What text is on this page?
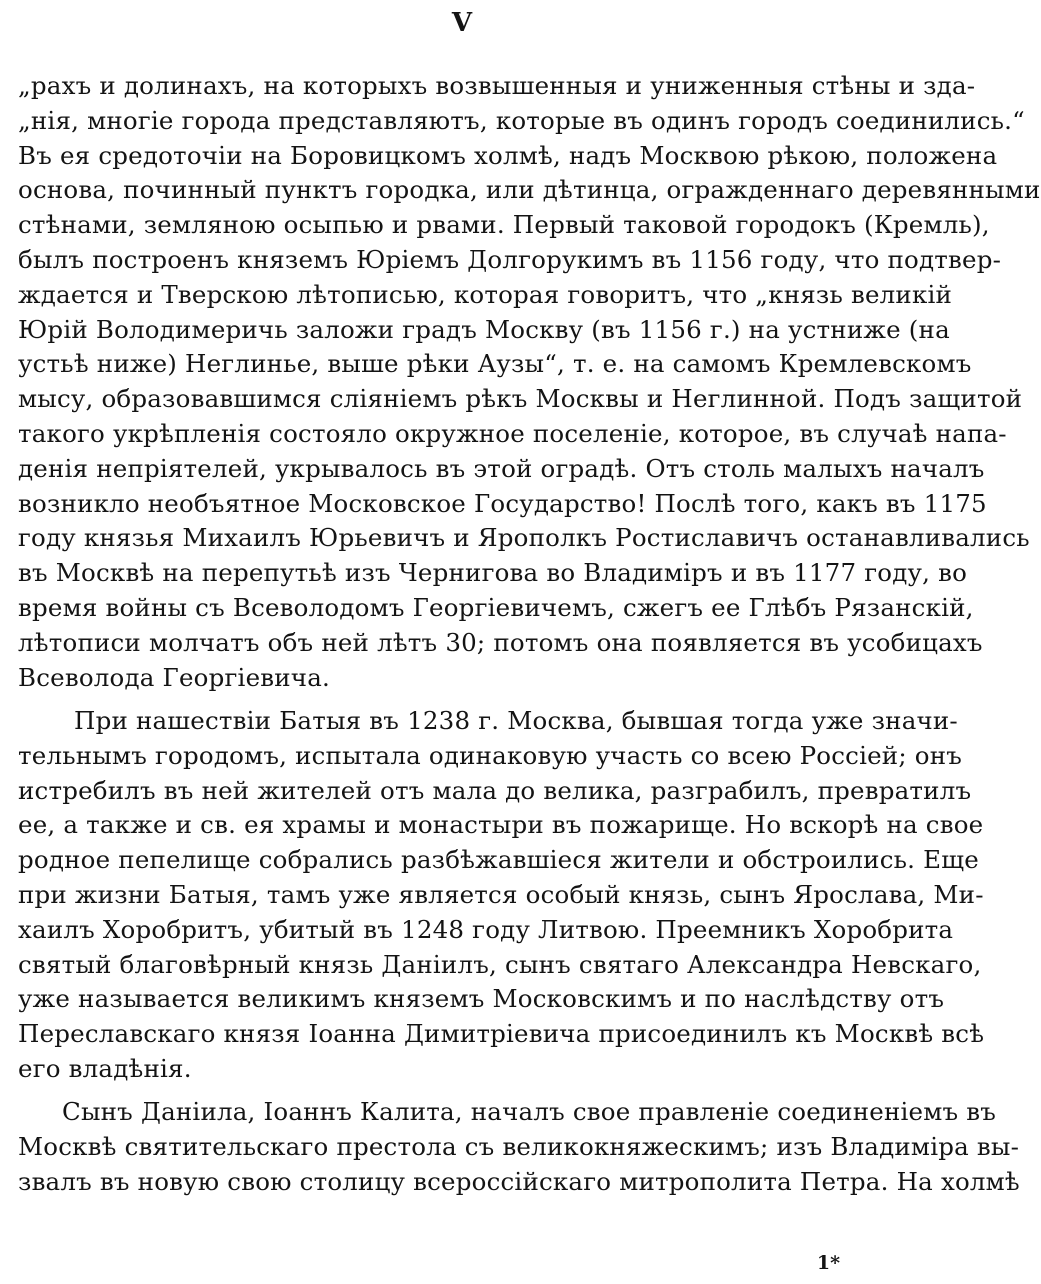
V
„рахъ и долинахъ, на которыхъ возвышенныя и униженныя стѣны и зда-
„нія, многіе города представляютъ, которые въ одинъ городъ соединились.“
Въ ея средоточіи на Боровицкомъ холмѣ, надъ Москвою рѣкою, положена
основа, починный пунктъ городка, или дѣтинца, огражденнаго деревянными
стѣнами, земляною осыпью и рвами. Первый таковой городокъ (Кремль),
былъ построенъ княземъ Юріемъ Долгорукимъ въ 1156 году, что подтвер-
ждается и Тверскою лѣтописью, которая говоритъ, что „князь великій
Юрій Володимеричь заложи градъ Москву (въ 1156 г.) на устниже (на
устьѣ ниже) Неглинье, выше рѣки Аузы“, т. е. на самомъ Кремлевскомъ
мысу, образовавшимся сліяніемъ рѣкъ Москвы и Неглинной. Подъ защитой
такого укрѣпленія состояло окружное поселеніе, которое, въ случаѣ напа-
денія непріятелей, укрывалось въ этой оградѣ. Отъ столь малыхъ началъ
возникло необъятное Московское Государство! Послѣ того, какъ въ 1175
году князья Михаилъ Юрьевичъ и Ярополкъ Ростиславичъ останавливались
въ Москвѣ на перепутьѣ изъ Чернигова во Владиміръ и въ 1177 году, во
время войны съ Всеволодомъ Георгіевичемъ, сжегъ ее Глѣбъ Рязанскій,
лѣтописи молчатъ объ ней лѣтъ 30; потомъ она появляется въ усобицахъ
Всеволода Георгіевича.
При нашествіи Батыя въ 1238 г. Москва, бывшая тогда уже значи-
тельнымъ городомъ, испытала одинаковую участь со всею Россіей; онъ
истребилъ въ ней жителей отъ мала до велика, разграбилъ, превратилъ
ее, а также и св. ея храмы и монастыри въ пожарище. Но вскорѣ на свое
родное пепелище собрались разбѣжавшіеся жители и обстроились. Еще
при жизни Батыя, тамъ уже является особый князь, сынъ Ярослава, Ми-
хаилъ Хоробритъ, убитый въ 1248 году Литвою. Преемникъ Хоробрита
святый благовѣрный князь Даніилъ, сынъ святаго Александра Невскаго,
уже называется великимъ княземъ Московскимъ и по наслѣдству отъ
Переславскаго князя Іоанна Димитріевича присоединилъ къ Москвѣ всѣ
его владѣнія.
Сынъ Даніила, Іоаннъ Калита, началъ свое правленіе соединеніемъ въ
Москвѣ святительскаго престола съ великокняжескимъ; изъ Владиміра вы-
звалъ въ новую свою столицу всероссійскаго митрополита Петра. На холмѣ
1*
